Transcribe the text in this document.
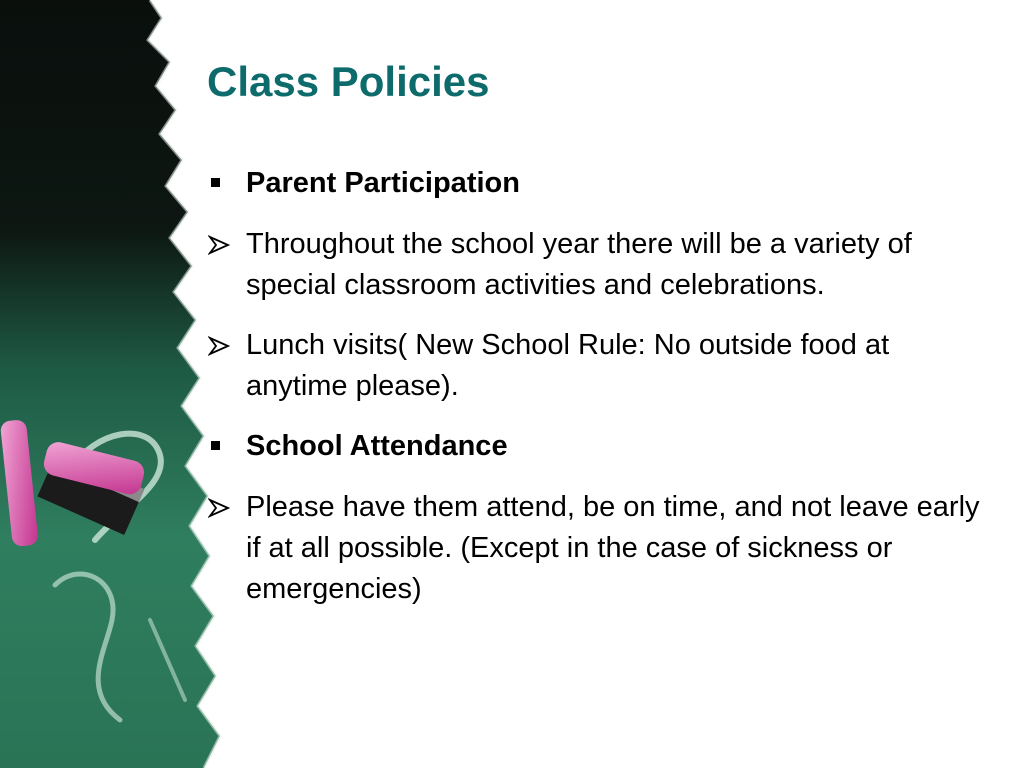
Class Policies
Parent Participation
Throughout the school year there will be a variety of special classroom activities and celebrations.
Lunch visits( New School Rule: No outside food at anytime please).
School Attendance
Please have them attend, be on time, and not leave early if at all possible. (Except in the case of sickness or emergencies)
